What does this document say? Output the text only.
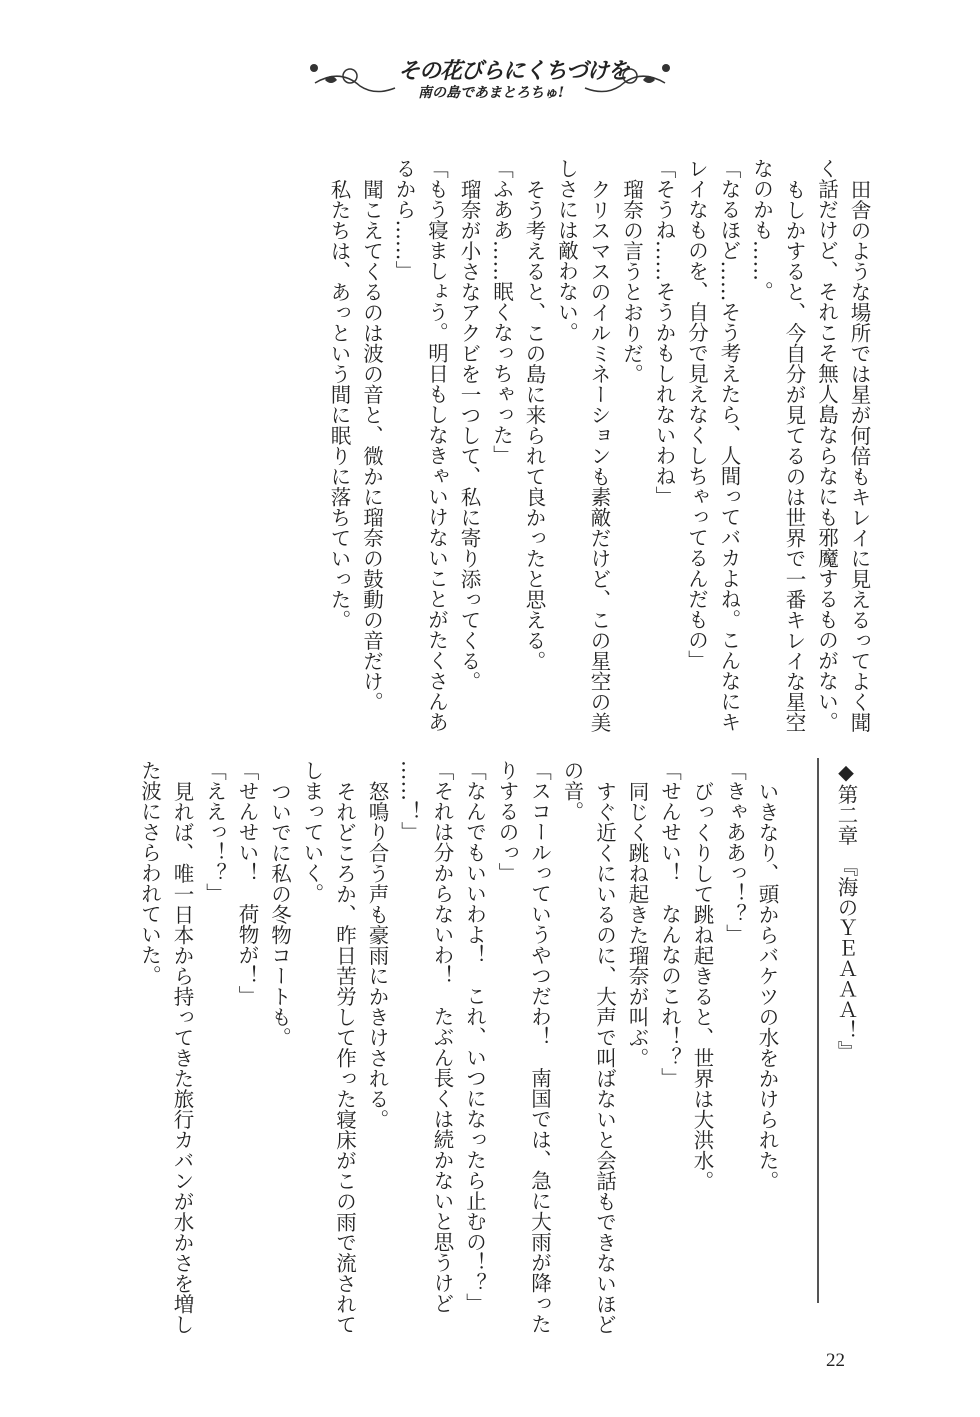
その花びらにくちづけを
南の島であまとろちゅ!

田舎のような場所では星が何倍もキレイに見えるってよく聞

く話だけど、それこそ無人島ならなにも邪魔するものがない。

もしかすると、今自分が見てるのは世界で一番キレイな星空

なのかも……。

「なるほど……そう考えたら、人間ってバカよね。こんなにキ

レイなものを、自分で見えなくしちゃってるんだもの」

「そうね……そうかもしれないわね」

瑠奈の言うとおりだ。

クリスマスのイルミネーションも素敵だけど、この星空の美

しさには敵わない。

そう考えると、この島に来られて良かったと思える。

「ふああ……眠くなっちゃった」

瑠奈が小さなアクビを一つして、私に寄り添ってくる。

「もう寝ましょう。明日もしなきゃいけないことがたくさんあ

るから……」

聞こえてくるのは波の音と、微かに瑠奈の鼓動の音だけ。

私たちは、あっという間に眠りに落ちていった。

◆第二章　『海のＹＥＡＡＡ！』

いきなり、頭からバケツの水をかけられた。

「きゃああっ！？」

びっくりして跳ね起きると、世界は大洪水。

「せんせい！　なんなのこれ！？」

同じく跳ね起きた瑠奈が叫ぶ。

すぐ近くにいるのに、大声で叫ばないと会話もできないほど

の音。

「スコールっていうやつだわ！　南国では、急に大雨が降った

りするのっ」

「なんでもいいわよ！　これ、いつになったら止むの！？」

「それは分からないわ！　たぶん長くは続かないと思うけど

……！」

怒鳴り合う声も豪雨にかきけされる。

それどころか、昨日苦労して作った寝床がこの雨で流されて

しまっていく。

ついでに私の冬物コートも。

「せんせい！　荷物が！」

「ええっ！？」

見れば、唯一日本から持ってきた旅行カバンが水かさを増し

た波にさらわれていた。

22
